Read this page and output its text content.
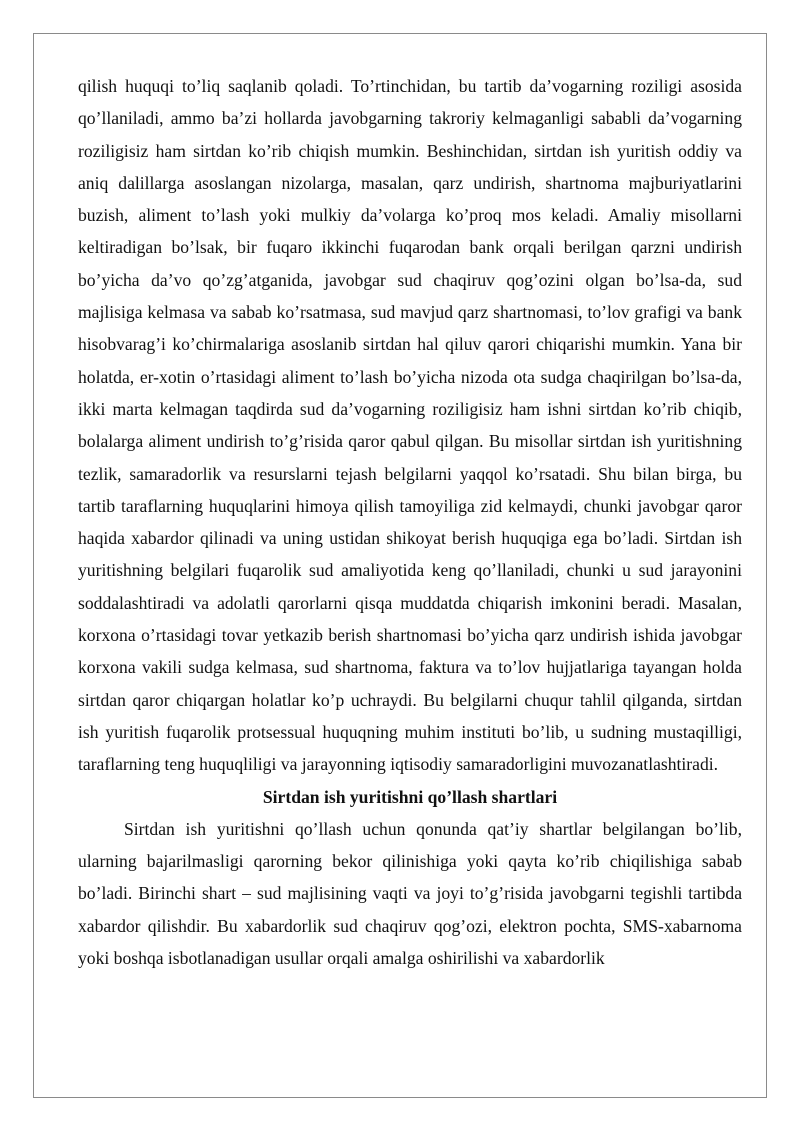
qilish huquqi to’liq saqlanib qoladi. To’rtinchidan, bu tartib da’vogarning roziligi asosida qo’llaniladi, ammo ba’zi hollarda javobgarning takroriy kelmaganligi sababli da’vogarning roziligisiz ham sirtdan ko’rib chiqish mumkin. Beshinchidan, sirtdan ish yuritish oddiy va aniq dalillarga asoslangan nizolarga, masalan, qarz undirish, shartnoma majburiyatlarini buzish, aliment to’lash yoki mulkiy da’volarga ko’proq mos keladi. Amaliy misollarni keltiradigan bo’lsak, bir fuqaro ikkinchi fuqarodan bank orqali berilgan qarzni undirish bo’yicha da’vo qo’zg’atganida, javobgar sud chaqiruv qog’ozini olgan bo’lsa-da, sud majlisiga kelmasa va sabab ko’rsatmasa, sud mavjud qarz shartnomasi, to’lov grafigi va bank hisobvarag’i ko’chirmalariga asoslanib sirtdan hal qiluv qarori chiqarishi mumkin. Yana bir holatda, er-xotin o’rtasidagi aliment to’lash bo’yicha nizoda ota sudga chaqirilgan bo’lsa-da, ikki marta kelmagan taqdirda sud da’vogarning roziligisiz ham ishni sirtdan ko’rib chiqib, bolalarga aliment undirish to’g’risida qaror qabul qilgan. Bu misollar sirtdan ish yuritishning tezlik, samaradorlik va resurslarni tejash belgilarni yaqqol ko’rsatadi. Shu bilan birga, bu tartib taraflarning huquqlarini himoya qilish tamoyiliga zid kelmaydi, chunki javobgar qaror haqida xabardor qilinadi va uning ustidan shikoyat berish huquqiga ega bo’ladi. Sirtdan ish yuritishning belgilari fuqarolik sud amaliyotida keng qo’llaniladi, chunki u sud jarayonini soddalashtiradi va adolatli qarorlarni qisqa muddatda chiqarish imkonini beradi. Masalan, korxona o’rtasidagi tovar yetkazib berish shartnomasi bo’yicha qarz undirish ishida javobgar korxona vakili sudga kelmasa, sud shartnoma, faktura va to’lov hujjatlariga tayangan holda sirtdan qaror chiqargan holatlar ko’p uchraydi. Bu belgilarni chuqur tahlil qilganda, sirtdan ish yuritish fuqarolik protsessual huquqning muhim instituti bo’lib, u sudning mustaqilligi, taraflarning teng huquqliligi va jarayonning iqtisodiy samaradorligini muvozanatlashtiradi.

Sirtdan ish yuritishni qo’llash shartlari

Sirtdan ish yuritishni qo’llash uchun qonunda qat’iy shartlar belgilangan bo’lib, ularning bajarilmasligi qarorning bekor qilinishiga yoki qayta ko’rib chiqilishiga sabab bo’ladi. Birinchi shart – sud majlisining vaqti va joyi to’g’risida javobgarni tegishli tartibda xabardor qilishdir. Bu xabardorlik sud chaqiruv qog’ozi, elektron pochta, SMS-xabarnoma yoki boshqa isbotlanadigan usullar orqali amalga oshirilishi va xabardorlik
